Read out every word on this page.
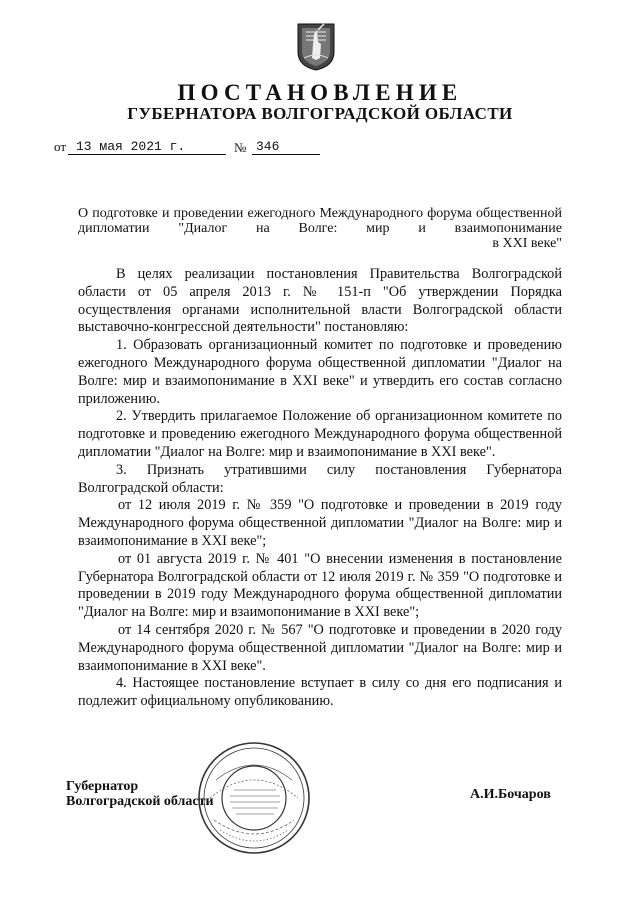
ПОСТАНОВЛЕНИЕ
ГУБЕРНАТОРА ВОЛГОГРАДСКОЙ ОБЛАСТИ
от 13 мая 2021 г.	№ 346
О подготовке и проведении ежегодного Международного форума общественной дипломатии "Диалог на Волге: мир и взаимопонимание
в XXI веке"

В целях реализации постановления Правительства Волгоградской области от 05 апреля 2013 г. № 151-п "Об утверждении Порядка осуществления органами исполнительной власти Волгоградской области выставочно-конгрессной деятельности" постановляю:

1. Образовать организационный комитет по подготовке и проведению ежегодного Международного форума общественной дипломатии "Диалог на Волге: мир и взаимопонимание в XXI веке" и утвердить его состав согласно приложению.

2. Утвердить прилагаемое Положение об организационном комитете по подготовке и проведению ежегодного Международного форума общественной дипломатии "Диалог на Волге: мир и взаимопонимание в XXI веке".

3. Признать утратившими силу постановления Губернатора Волгоградской области:

от 12 июля 2019 г. № 359 "О подготовке и проведении в 2019 году Международного форума общественной дипломатии "Диалог на Волге: мир и взаимопонимание в XXI веке";

от 01 августа 2019 г. № 401 "О внесении изменения в постановление Губернатора Волгоградской области от 12 июля 2019 г. № 359 "О подготовке и проведении в 2019 году Международного форума общественной дипломатии "Диалог на Волге: мир и взаимопонимание в XXI веке";

от 14 сентября 2020 г. № 567 "О подготовке и проведении в 2020 году Международного форума общественной дипломатии "Диалог на Волге: мир и взаимопонимание в XXI веке".

4. Настоящее постановление вступает в силу со дня его подписания и подлежит официальному опубликованию.

Губернатор
Волгоградской области	А.И.Бочаров
